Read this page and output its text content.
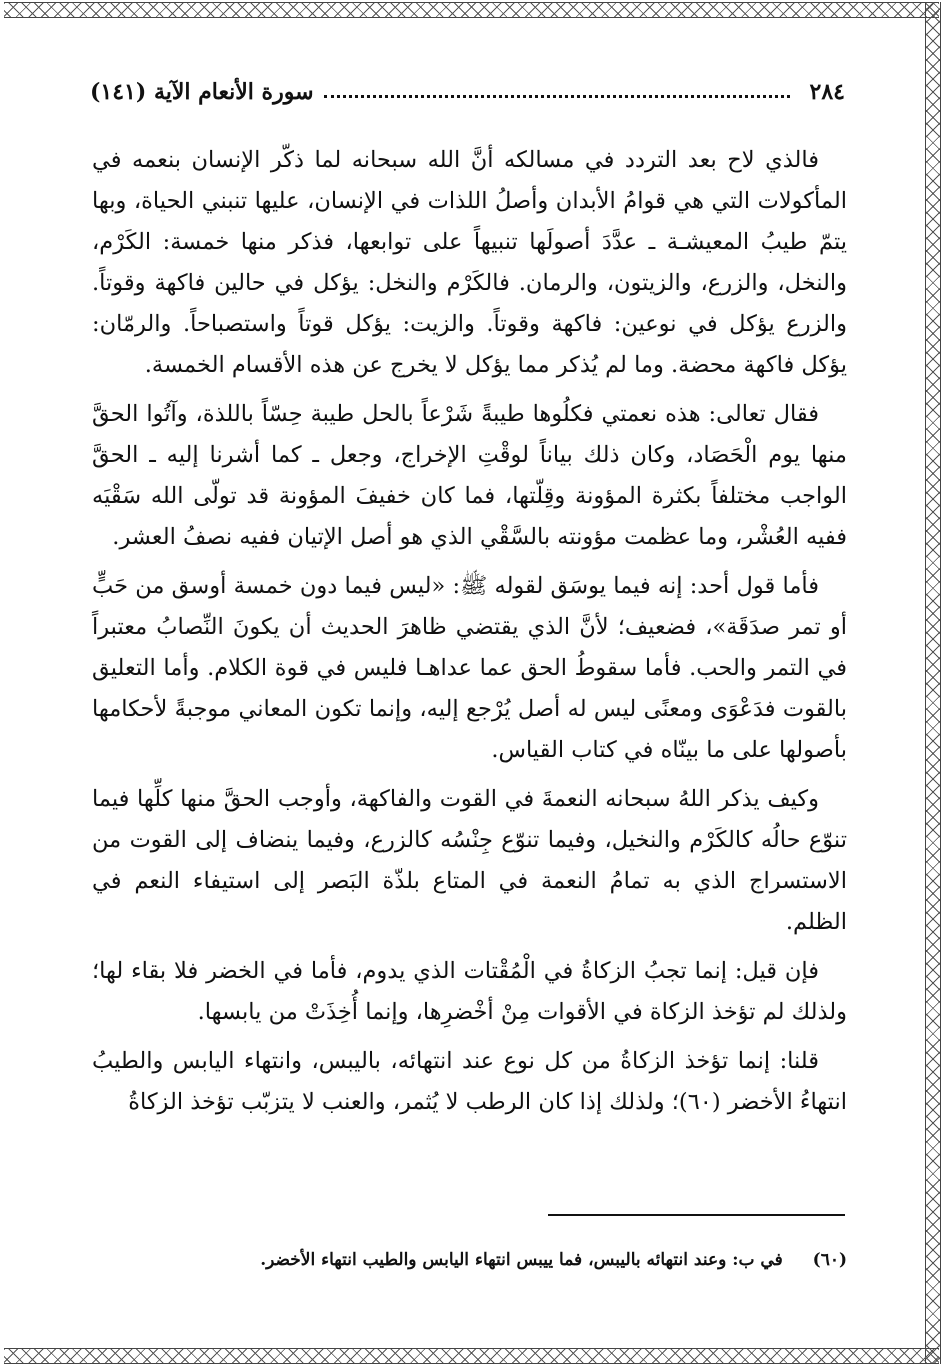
٢٨٤
سورة الأنعام الآية (١٤١)

فالذي لاح بعد التردد في مسالكه أنَّ الله سبحانه لما ذكّر الإنسان بنعمه في المأكولات التي هي قوامُ الأبدان وأصلُ اللذات في الإنسان، عليها تنبني الحياة، وبها يتمّ طيبُ المعيشـة ـ عدَّدَ أصولَها تنبيهاً على توابعها، فذكر منها خمسة: الكَرْم، والنخل، والزرع، والزيتون، والرمان. فالكَرْم والنخل: يؤكل في حالين فاكهة وقوتاً. والزرع يؤكل في نوعين: فاكهة وقوتاً. والزيت: يؤكل قوتاً واستصباحاً. والرمّان: يؤكل فاكهة محضة. وما لم يُذكر مما يؤكل لا يخرج عن هذه الأقسام الخمسة.

فقال تعالى: هذه نعمتي فكلُوها طيبةً شَرْعاً بالحل طيبة حِسّاً باللذة، وآتُوا الحقَّ منها يوم الْحَصَاد، وكان ذلك بياناً لوقْتِ الإخراج، وجعل ـ كما أشرنا إليه ـ الحقَّ الواجب مختلفاً بكثرة المؤونة وقِلّتها، فما كان خفيفَ المؤونة قد تولّى الله سَقْيَه ففيه العُشْر، وما عظمت مؤونته بالسَّقْي الذي هو أصل الإتيان ففيه نصفُ العشر.

فأما قول أحد: إنه فيما يوسَق لقوله ﷺ: «ليس فيما دون خمسة أوسق من حَبٍّ أو تمر صدَقَة»، فضعيف؛ لأنَّ الذي يقتضي ظاهرَ الحديث أن يكونَ النِّصابُ معتبراً في التمر والحب. فأما سقوطُ الحق عما عداهـا فليس في قوة الكلام. وأما التعليق بالقوت فدَعْوَى ومعنًى ليس له أصل يُرْجع إليه، وإنما تكون المعاني موجبةً لأحكامها بأصولها على ما بينّاه في كتاب القياس.

وكيف يذكر اللهُ سبحانه النعمةَ في القوت والفاكهة، وأوجب الحقَّ منها كلِّها فيما تنوّع حالُه كالكَرْم والنخيل، وفيما تنوّع جِنْسُه كالزرع، وفيما ينضاف إلى القوت من الاستسراج الذي به تمامُ النعمة في المتاع بلذّة البَصر إلى استيفاء النعم في الظلم.

فإن قيل: إنما تجبُ الزكاةُ في الْمُقْتات الذي يدوم، فأما في الخضر فلا بقاء لها؛ ولذلك لم تؤخذ الزكاة في الأقوات مِنْ أخْضرِها، وإنما أُخِذَتْ من يابسها.

قلنا: إنما تؤخذ الزكاةُ من كل نوع عند انتهائه، باليبس، وانتهاء اليابس والطيبُ انتهاءُ الأخضر (٦٠)؛ ولذلك إذا كان الرطب لا يُثمر، والعنب لا يتزبّب تؤخذ الزكاةُ

(٦٠) في ب: وعند انتهائه باليبس، فما ييبس انتهاء اليابس والطيب انتهاء الأخضر.
